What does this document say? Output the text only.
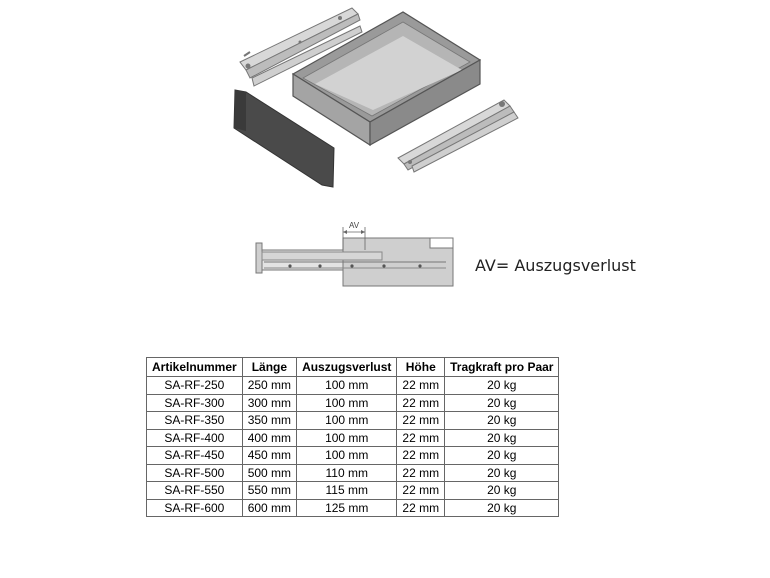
AV
AV= Auszugsverlust
Artikelnummer	Länge	Auszugsverlust	Höhe	Tragkraft pro Paar
SA-RF-250	250 mm	100 mm	22 mm	20 kg
SA-RF-300	300 mm	100 mm	22 mm	20 kg
SA-RF-350	350 mm	100 mm	22 mm	20 kg
SA-RF-400	400 mm	100 mm	22 mm	20 kg
SA-RF-450	450 mm	100 mm	22 mm	20 kg
SA-RF-500	500 mm	110 mm	22 mm	20 kg
SA-RF-550	550 mm	115 mm	22 mm	20 kg
SA-RF-600	600 mm	125 mm	22 mm	20 kg
